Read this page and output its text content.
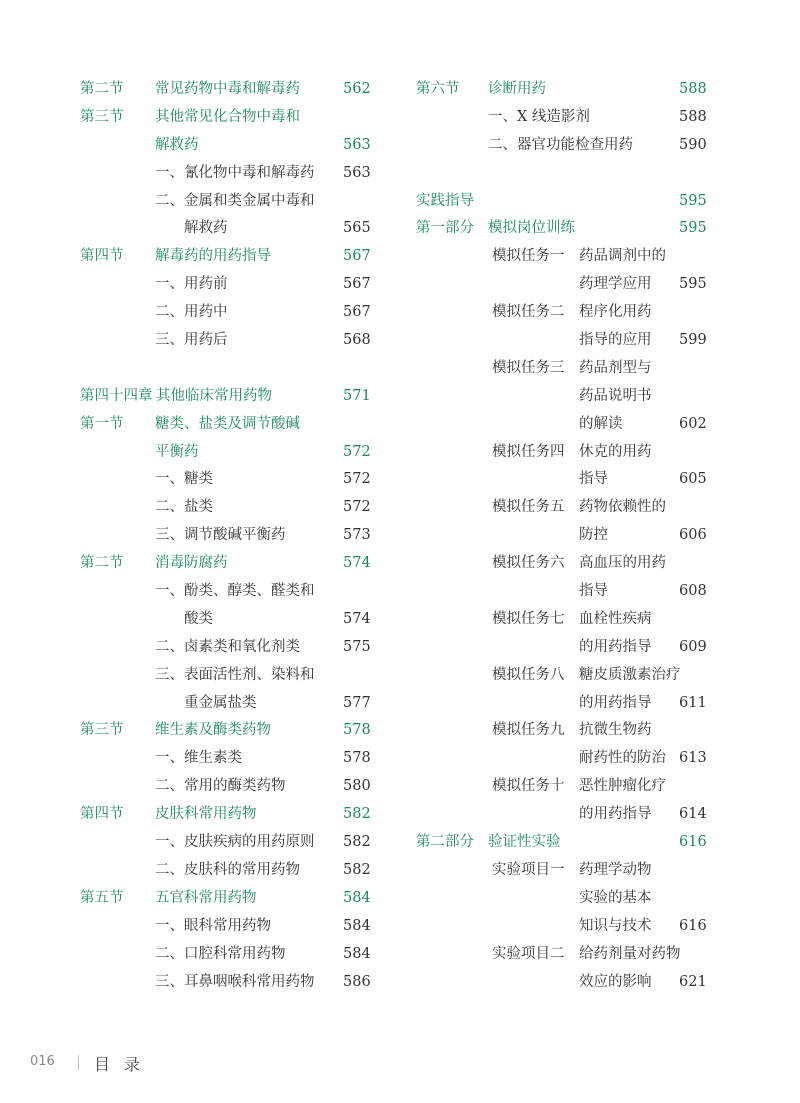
第二节 常见药物中毒和解毒药	562
第三节 其他常见化合物中毒和
解救药	563
一、氰化物中毒和解毒药 563
二、金属和类金属中毒和
解救药	565
第四节 解毒药的用药指导	567
一、用药前	567
二、用药中	567
三、用药后	568
第四十四章 其他临床常用药物	571
第一节 糖类、盐类及调节酸碱
平衡药	572
一、糖类	572
二、盐类	572
三、调节酸碱平衡药	573
第二节 消毒防腐药	574
一、酚类、醇类、醛类和
酸类	574
二、卤素类和氧化剂类	575
三、表面活性剂、染料和
重金属盐类	577
第三节 维生素及酶类药物	578
一、维生素类	578
二、常用的酶类药物	580
第四节 皮肤科常用药物	582
一、皮肤疾病的用药原则 582
二、皮肤科的常用药物	582
第五节 五官科常用药物	584
一、眼科常用药物	584
二、口腔科常用药物	584
三、耳鼻咽喉科常用药物 586
第六节 诊断用药	588
一、X 线造影剂	588
二、器官功能检查用药	590
实践指导	595
第一部分 模拟岗位训练	595
模拟任务一 药品调剂中的
药理学应用 595
模拟任务二 程序化用药
指导的应用 599
模拟任务三 药品剂型与
药品说明书
的解读	602
模拟任务四 休克的用药
指导	605
模拟任务五 药物依赖性的
防控	606
模拟任务六 高血压的用药
指导	608
模拟任务七 血栓性疾病
的用药指导 609
模拟任务八 糖皮质激素治疗
的用药指导 611
模拟任务九 抗微生物药
耐药性的防治 613
模拟任务十 恶性肿瘤化疗
的用药指导 614
第二部分 验证性实验	616
实验项目一 药理学动物
实验的基本
知识与技术 616
实验项目二 给药剂量对药物
效应的影响 621
016 目录
